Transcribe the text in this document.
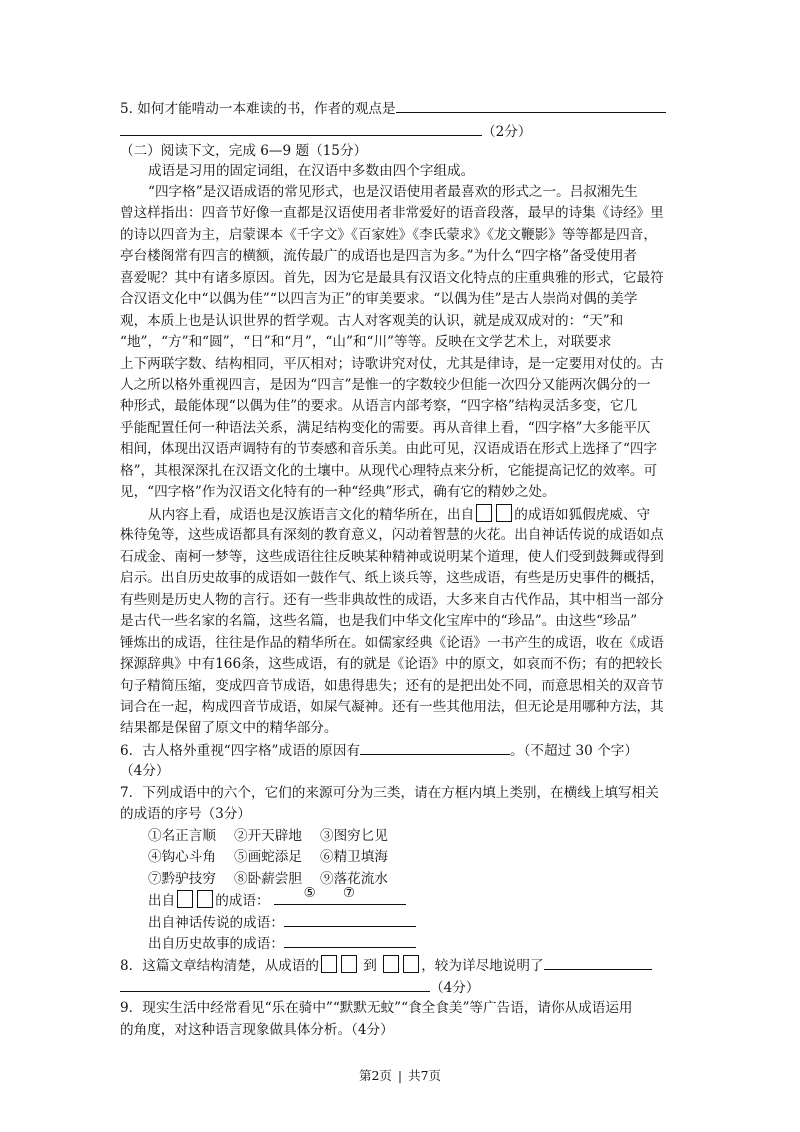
5. 如何才能啃动一本难读的书，作者的观点是
（2分）
（二）阅读下文，完成 6—9 题（15分）
成语是习用的固定词组，在汉语中多数由四个字组成。
“四字格”是汉语成语的常见形式，也是汉语使用者最喜欢的形式之一。吕叔湘先生
曾这样指出：四音节好像一直都是汉语使用者非常爱好的语音段落，最早的诗集《诗经》里
的诗以四音为主，启蒙课本《千字文》《百家姓》《李氏蒙求》《龙文鞭影》等等都是四音，
亭台楼阁常有四言的横额，流传最广的成语也是四言为多。”为什么“四字格”备受使用者
喜爱呢？其中有诸多原因。首先，因为它是最具有汉语文化特点的庄重典雅的形式，它最符
合汉语文化中“以偶为佳”“以四言为正”的审美要求。“以偶为佳”是古人崇尚对偶的美学
观，本质上也是认识世界的哲学观。古人对客观美的认识，就是成双成对的：“天”和
“地”，“方”和“圆”，“日”和“月”，“山”和“川”等等。反映在文学艺术上，对联要求
上下两联字数、结构相同，平仄相对；诗歌讲究对仗，尤其是律诗，是一定要用对仗的。古
人之所以格外重视四言，是因为“四言”是惟一的字数较少但能一次四分又能两次偶分的一
种形式，最能体现“以偶为佳”的要求。从语言内部考察，“四字格”结构灵活多变，它几
乎能配置任何一种语法关系，满足结构变化的需要。再从音律上看，“四字格”大多能平仄
相间，体现出汉语声调特有的节奏感和音乐美。由此可见，汉语成语在形式上选择了“四字
格”，其根深深扎在汉语文化的土壤中。从现代心理特点来分析，它能提高记忆的效率。可
见，“四字格”作为汉语文化特有的一种“经典”形式，确有它的精妙之处。
从内容上看，成语也是汉族语言文化的精华所在，出自	的成语如狐假虎威、守
株待兔等，这些成语都具有深刻的教育意义，闪动着智慧的火花。出自神话传说的成语如点
石成金、南柯一梦等，这些成语往往反映某种精神或说明某个道理，使人们受到鼓舞或得到
启示。出自历史故事的成语如一鼓作气、纸上谈兵等，这些成语，有些是历史事件的概括，
有些则是历史人物的言行。还有一些非典故性的成语，大多来自古代作品，其中相当一部分
是古代一些名家的名篇，这些名篇，也是我们中华文化宝库中的“珍品”。由这些“珍品”
锤炼出的成语，往往是作品的精华所在。如儒家经典《论语》一书产生的成语，收在《成语
探源辞典》中有166条，这些成语，有的就是《论语》中的原文，如哀而不伤；有的把较长
句子精简压缩，变成四音节成语，如患得患失；还有的是把出处不同，而意思相关的双音节
词合在一起，构成四音节成语，如屎气凝神。还有一些其他用法，但无论是用哪种方法，其
结果都是保留了原文中的精华部分。
6．古人格外重视“四字格”成语的原因有	。（不超过 30 个字）
（4分）
7．下列成语中的六个，它们的来源可分为三类，请在方框内填上类别，在横线上填写相关
的成语的序号（3分）
①名正言顺 ②开天辟地 ③图穷匕见
④钩心斗角 ⑤画蛇添足 ⑥精卫填海
⑦黔驴技穷 ⑧卧薪尝胆 ⑨落花流水
出自	的成语：	⑤　　⑦
出自神话传说的成语：
出自历史故事的成语：
8．这篇文章结构清楚，从成语的	到	，较为详尽地说明了
（4分）
9．现实生活中经常看见“乐在骑中”“默默无蚊”“食全食美”等广告语，请你从成语运用
的角度，对这种语言现象做具体分析。（4分）
第2页 | 共7页
